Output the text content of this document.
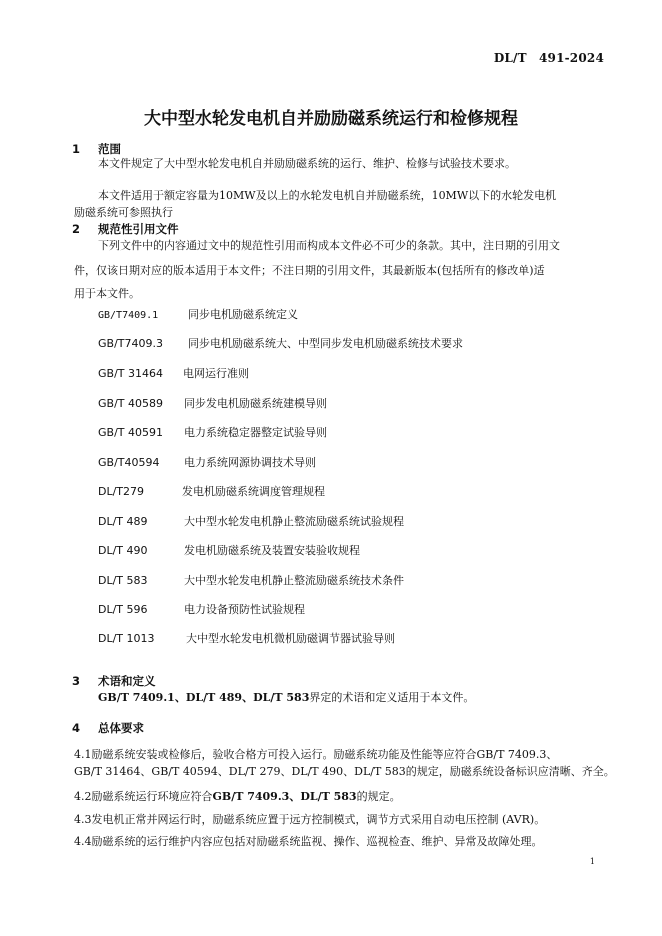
DL/T　491-2024
大中型水轮发电机自并励励磁系统运行和检修规程
1 范围
本文件规定了大中型水轮发电机自并励励磁系统的运行、维护、检修与试验技术要求。
本文件适用于额定容量为10MW及以上的水轮发电机自并励磁系统，10MW以下的水轮发电机
励磁系统可参照执行
2 规范性引用文件
下列文件中的内容通过文中的规范性引用而构成本文件必不可少的条款。其中，注日期的引用文
件，仅该日期对应的版本适用于本文件；不注日期的引用文件，其最新版本(包括所有的修改单)适
用于本文件。
GB/T7409.1	同步电机励磁系统定义
GB/T7409.3 同步电机励磁系统大、中型同步发电机励磁系统技术要求
GB/T 31464 电网运行准则
GB/T 40589 同步发电机励磁系统建模导则
GB/T 40591 电力系统稳定器整定试验导则
GB/T40594 电力系统网源协调技术导则
DL/T279	发电机励磁系统调度管理规程
DL/T 489	大中型水轮发电机静止整流励磁系统试验规程
DL/T 490	发电机励磁系统及装置安装验收规程
DL/T 583	大中型水轮发电机静止整流励磁系统技术条件
DL/T 596	电力设备预防性试验规程
DL/T 1013	大中型水轮发电机微机励磁调节器试验导则
3 术语和定义
GB/T 7409.1、DL/T 489、DL/T 583界定的术语和定义适用于本文件。
4 总体要求
4.1励磁系统安装或检修后，验收合格方可投入运行。励磁系统功能及性能等应符合GB/T 7409.3、
GB/T 31464、GB/T 40594、DL/T 279、DL/T 490、DL/T 583的规定，励磁系统设备标识应清晰、齐全。
4.2励磁系统运行环境应符合GB/T 7409.3、DL/T 583的规定。
4.3发电机正常并网运行时，励磁系统应置于远方控制模式，调节方式采用自动电压控制 (AVR)。
4.4励磁系统的运行维护内容应包括对励磁系统监视、操作、巡视检查、维护、异常及故障处理。
1
